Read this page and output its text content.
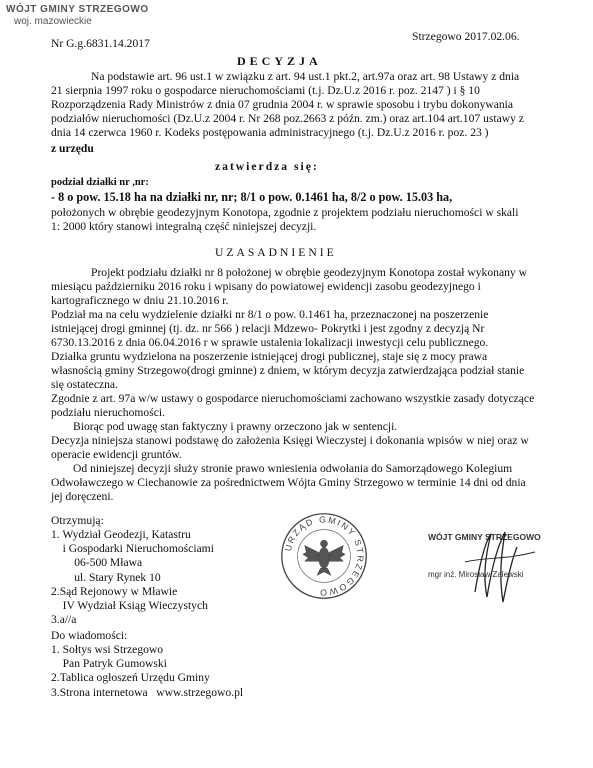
WÓJT GMINY STRZEGOWO
woj. mazowieckie
Nr G.g.6831.14.2017
Strzegowo 2017.02.06.
DECYZJA
Na podstawie art. 96 ust.1 w związku z art. 94 ust.1 pkt.2, art.97a oraz art. 98 Ustawy z dnia
21 sierpnia 1997 roku o gospodarce nieruchomościami (t.j. Dz.U.z 2016 r. poz. 2147 ) i § 10
Rozporządzenia Rady Ministrów z dnia 07 grudnia 2004 r. w sprawie sposobu i trybu dokonywania
podziałów nieruchomości (Dz.U.z 2004 r. Nr 268 poz.2663 z późn. zm.) oraz art.104 art.107 ustawy z
dnia 14 czerwca 1960 r. Kodeks postępowania administracyjnego (t.j. Dz.U.z 2016 r. poz. 23 )
z urzędu
zatwierdza się:
podział działki nr ,nr:
- 8 o pow. 15.18 ha na działki nr, nr; 8/1 o pow. 0.1461 ha, 8/2 o pow. 15.03 ha,
położonych w obrębie geodezyjnym Konotopa, zgodnie z projektem podziału nieruchomości w skali
1: 2000 który stanowi integralną część niniejszej decyzji.
UZASADNIENIE
Projekt podziału działki nr 8 położonej w obrębie geodezyjnym Konotopa został wykonany w
miesiącu październiku 2016 roku i wpisany do powiatowej ewidencji zasobu geodezyjnego i
kartograficznego w dniu 21.10.2016 r.
Podział ma na celu wydzielenie działki nr 8/1 o pow. 0.1461 ha, przeznaczonej na poszerzenie
istniejącej drogi gminnej (tj. dz. nr 566 ) relacji Mdzewo- Pokrytki i jest zgodny z decyzją Nr
6730.13.2016 z dnia 06.04.2016 r w sprawie ustalenia lokalizacji inwestycji celu publicznego.
Działka gruntu wydzielona na poszerzenie istniejącej drogi publicznej, staje się z mocy prawa
własnością gminy Strzegowo(drogi gminne) z dniem, w którym decyzja zatwierdzająca podział stanie
się ostateczna.
Zgodnie z art. 97a w/w ustawy o gospodarce nieruchomościami zachowano wszystkie zasady dotyczące
podziału nieruchomości.
Biorąc pod uwagę stan faktyczny i prawny orzeczono jak w sentencji.
Decyzja niniejsza stanowi podstawę do założenia Księgi Wieczystej i dokonania wpisów w niej oraz w
operacie ewidencji gruntów.
Od niniejszej decyzji służy stronie prawo wniesienia odwołania do Samorządowego Kolegium
Odwoławczego w Ciechanowie za pośrednictwem Wójta Gminy Strzegowo w terminie 14 dni od dnia
jej doręczeni.
Otrzymują:
1. Wydział Geodezji, Katastru
i Gospodarki Nieruchomościami
06-500 Mława
ul. Stary Rynek 10
2.Sąd Rejonowy w Mławie
IV Wydział Ksiąg Wieczystych
3.a//a
Do wiadomości:
1. Sołtys wsi Strzegowo
Pan Patryk Gumowski
2.Tablica ogłoszeń Urzędu Gminy
3.Strona internetowa   www.strzegowo.pl
URZĄD GMINY STRZEGOWO
WÓJT GMINY STRZEGOWO
mgr inż. Mirosław Zalewski
